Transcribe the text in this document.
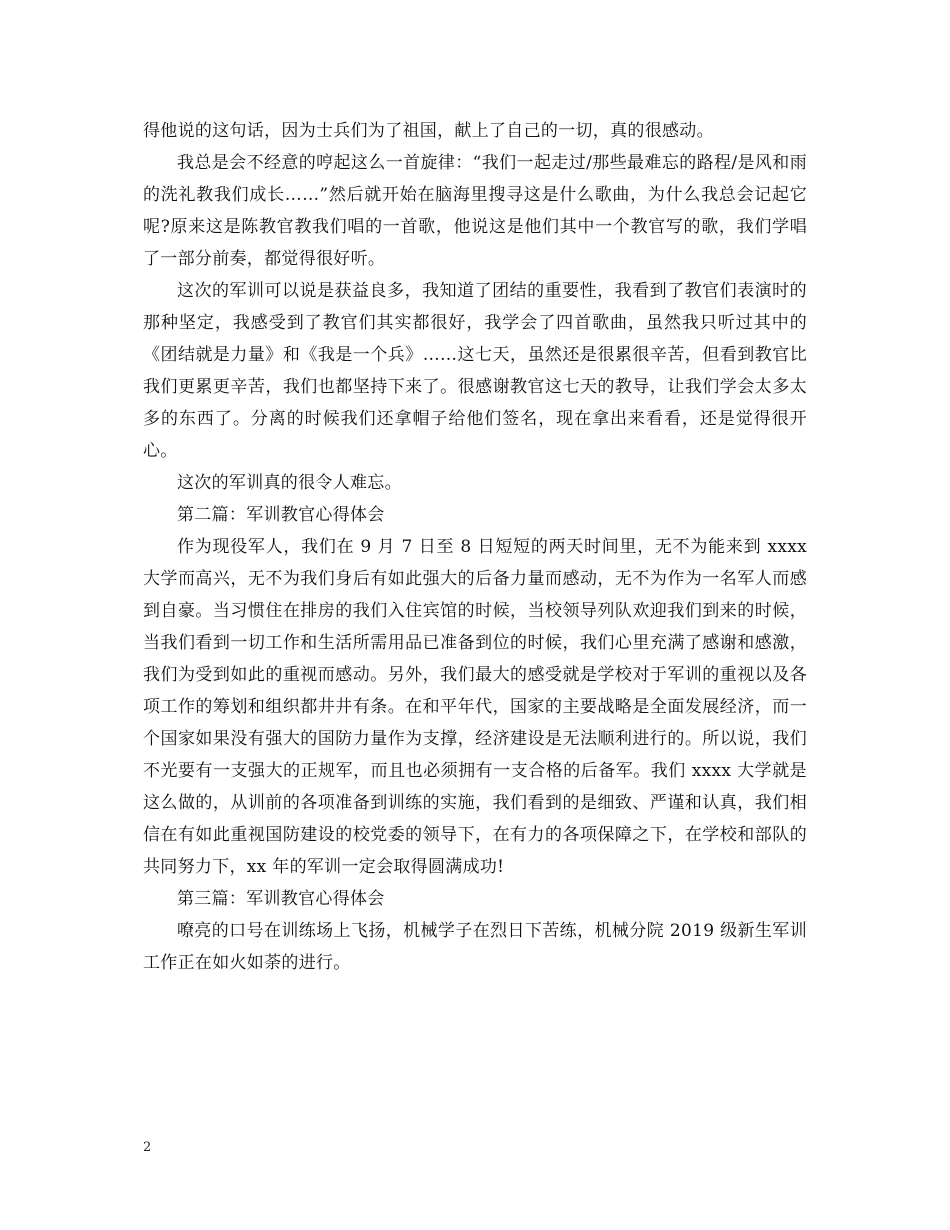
得他说的这句话，因为士兵们为了祖国，献上了自己的一切，真的很感动。

我总是会不经意的哼起这么一首旋律：“我们一起走过/那些最难忘的路程/是风和雨的洗礼教我们成长……”然后就开始在脑海里搜寻这是什么歌曲，为什么我总会记起它呢?原来这是陈教官教我们唱的一首歌，他说这是他们其中一个教官写的歌，我们学唱了一部分前奏，都觉得很好听。

这次的军训可以说是获益良多，我知道了团结的重要性，我看到了教官们表演时的那种坚定，我感受到了教官们其实都很好，我学会了四首歌曲，虽然我只听过其中的《团结就是力量》和《我是一个兵》……这七天，虽然还是很累很辛苦，但看到教官比我们更累更辛苦，我们也都坚持下来了。很感谢教官这七天的教导，让我们学会太多太多的东西了。分离的时候我们还拿帽子给他们签名，现在拿出来看看，还是觉得很开心。

这次的军训真的很令人难忘。

第二篇：军训教官心得体会

作为现役军人，我们在 9 月 7 日至 8 日短短的两天时间里，无不为能来到 xxxx 大学而高兴，无不为我们身后有如此强大的后备力量而感动，无不为作为一名军人而感到自豪。当习惯住在排房的我们入住宾馆的时候，当校领导列队欢迎我们到来的时候，当我们看到一切工作和生活所需用品已准备到位的时候，我们心里充满了感谢和感激，我们为受到如此的重视而感动。另外，我们最大的感受就是学校对于军训的重视以及各项工作的筹划和组织都井井有条。在和平年代，国家的主要战略是全面发展经济，而一个国家如果没有强大的国防力量作为支撑，经济建设是无法顺利进行的。所以说，我们不光要有一支强大的正规军，而且也必须拥有一支合格的后备军。我们 xxxx 大学就是这么做的，从训前的各项准备到训练的实施，我们看到的是细致、严谨和认真，我们相信在有如此重视国防建设的校党委的领导下，在有力的各项保障之下，在学校和部队的共同努力下，xx 年的军训一定会取得圆满成功!

第三篇：军训教官心得体会

嘹亮的口号在训练场上飞扬，机械学子在烈日下苦练，机械分院 2019 级新生军训工作正在如火如荼的进行。

2
